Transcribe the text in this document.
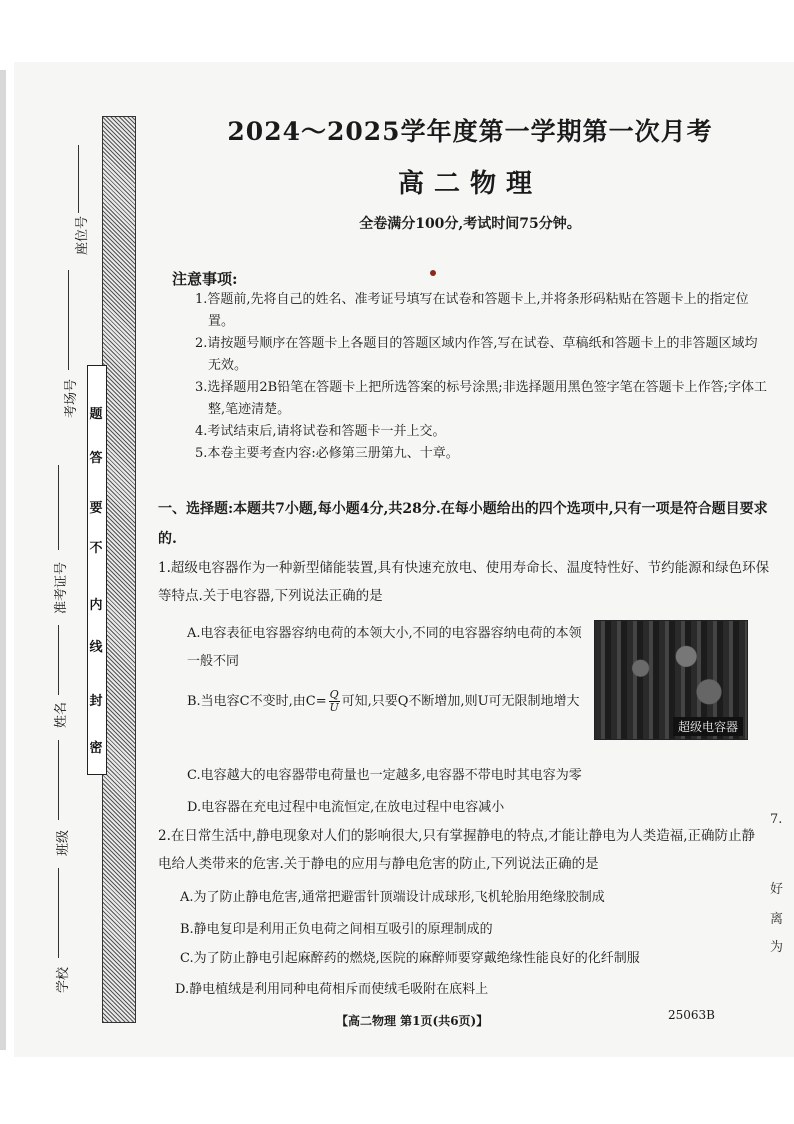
密
封
线
内
不
要
答
题
座位号
考场号
准考证号
姓名
班级
学校
2024～2025学年度第一学期第一次月考
高二物理
全卷满分100分,考试时间75分钟。
注意事项:
1.答题前,先将自己的姓名、准考证号填写在试卷和答题卡上,并将条形码粘贴在答题卡上的指定位置。
2.请按题号顺序在答题卡上各题目的答题区域内作答,写在试卷、草稿纸和答题卡上的非答题区域均无效。
3.选择题用2B铅笔在答题卡上把所选答案的标号涂黑;非选择题用黑色签字笔在答题卡上作答;字体工整,笔迹清楚。
4.考试结束后,请将试卷和答题卡一并上交。
5.本卷主要考查内容:必修第三册第九、十章。
一、选择题:本题共7小题,每小题4分,共28分.在每小题给出的四个选项中,只有一项是符合题目要求的.
1.超级电容器作为一种新型储能装置,具有快速充放电、使用寿命长、温度特性好、节约能源和绿色环保等特点.关于电容器,下列说法正确的是
A.电容表征电容器容纳电荷的本领大小,不同的电容器容纳电荷的本领一般不同
B.当电容C不变时,由$C= \frac{Q}{U}$ 可知,只要Q不断增加,则U可无限制地增大
超级电容器
C.电容越大的电容器带电荷量也一定越多,电容器不带电时其电容为零
D.电容器在充电过程中电流恒定,在放电过程中电容减小
2.在日常生活中,静电现象对人们的影响很大,只有掌握静电的特点,才能让静电为人类造福,正确防止静电给人类带来的危害.关于静电的应用与静电危害的防止,下列说法正确的是
A.为了防止静电危害,通常把避雷针顶端设计成球形,飞机轮胎用绝缘胶制成
B.静电复印是利用正负电荷之间相互吸引的原理制成的
C.为了防止静电引起麻醉药的燃烧,医院的麻醉师要穿戴绝缘性能良好的化纤制服
D.静电植绒是利用同种电荷相斥而使绒毛吸附在底料上
7.
好
离
为
【高二物理 第1页(共6页)】	25063B
